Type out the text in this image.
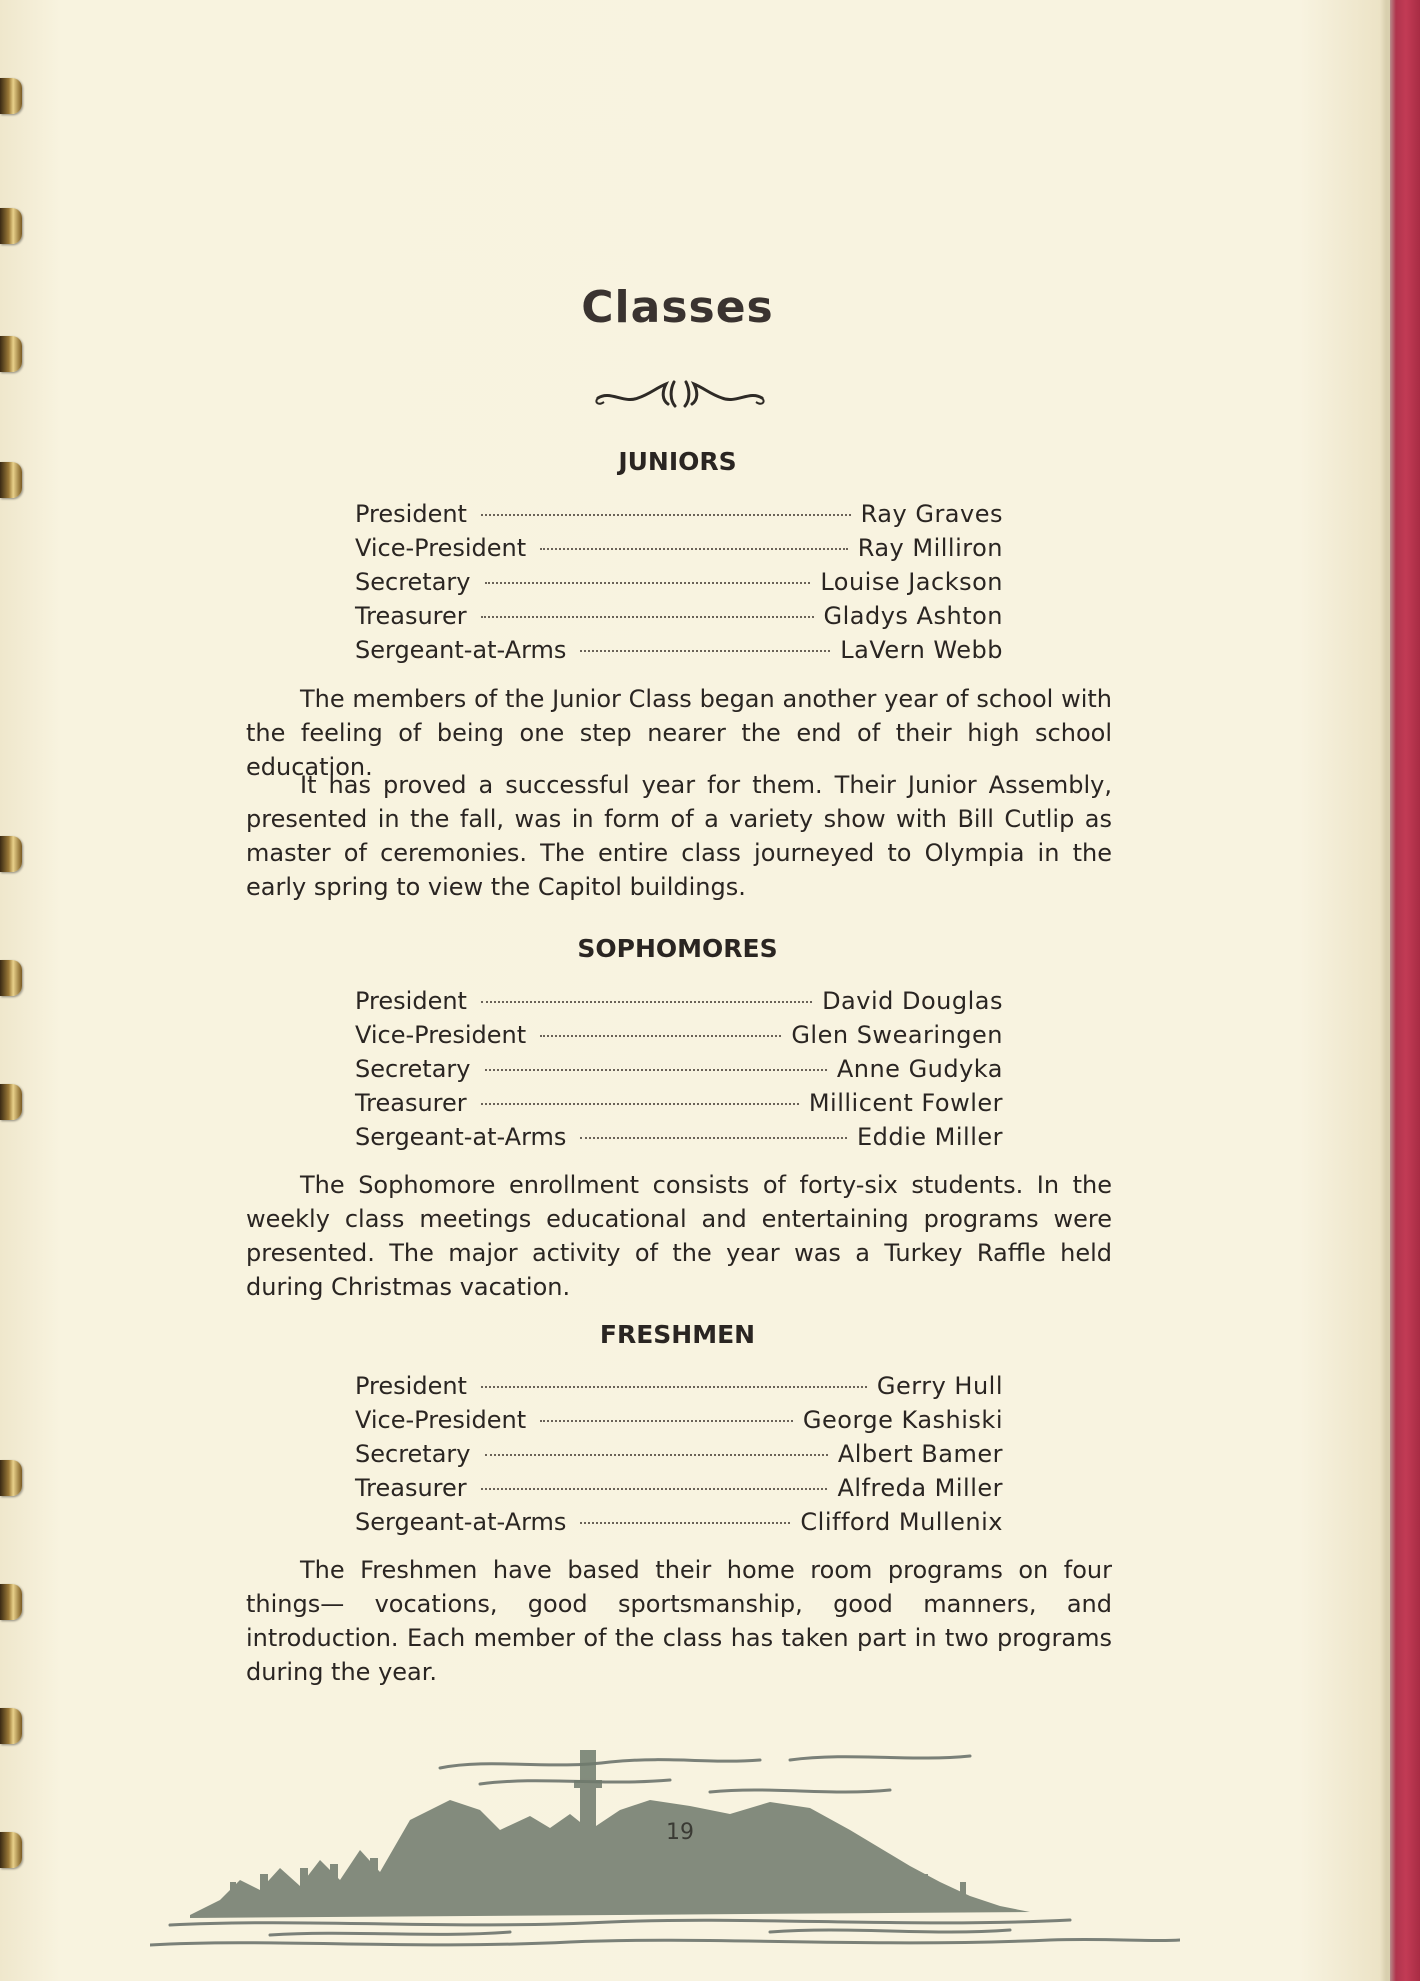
Classes
JUNIORS
President	Ray Graves
Vice-President	Ray Milliron
Secretary	Louise Jackson
Treasurer	Gladys Ashton
Sergeant-at-Arms	LaVern Webb

The members of the Junior Class began another year of school with the feeling of being one step nearer the end of their high school education.

It has proved a successful year for them. Their Junior Assembly, presented in the fall, was in form of a variety show with Bill Cutlip as master of ceremonies. The entire class journeyed to Olympia in the early spring to view the Capitol buildings.

SOPHOMORES
President	David Douglas
Vice-President	Glen Swearingen
Secretary	Anne Gudyka
Treasurer	Millicent Fowler
Sergeant-at-Arms	Eddie Miller

The Sophomore enrollment consists of forty-six students. In the weekly class meetings educational and entertaining programs were presented. The major activity of the year was a Turkey Raffle held during Christmas vacation.

FRESHMEN
President	Gerry Hull
Vice-President	George Kashiski
Secretary	Albert Bamer
Treasurer	Alfreda Miller
Sergeant-at-Arms	Clifford Mullenix

The Freshmen have based their home room programs on four things— vocations, good sportsmanship, good manners, and introduction. Each member of the class has taken part in two programs during the year.

19
